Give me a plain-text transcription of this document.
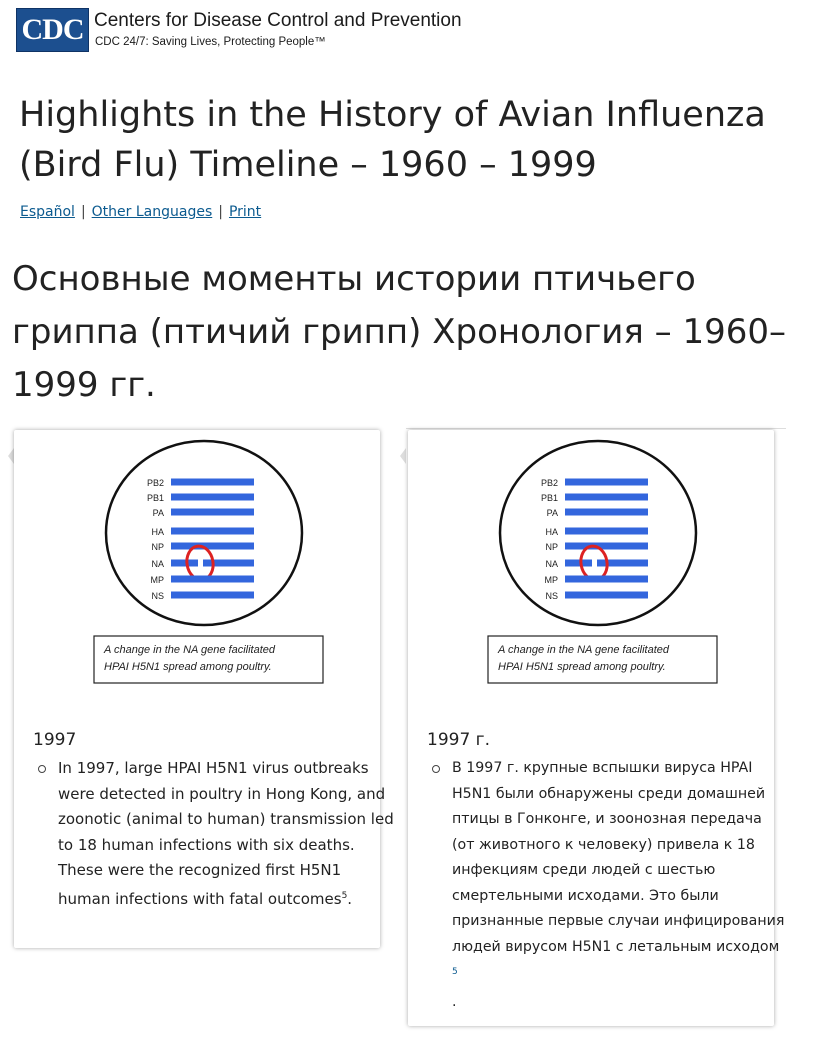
CDC Centers for Disease Control and Prevention
CDC 24/7: Saving Lives, Protecting People™
Highlights in the History of Avian Influenza (Bird Flu) Timeline – 1960 – 1999
Español | Other Languages | Print
Основные моменты истории птичьего гриппа (птичий грипп) Хронология – 1960–1999 гг.
PB2
PB1
PA
HA
NP
NA
MP
NS
A change in the NA gene facilitated
HPAI H5N1 spread among poultry.
1997
In 1997, large HPAI H5N1 virus outbreaks were detected in poultry in Hong Kong, and zoonotic (animal to human) transmission led to 18 human infections with six deaths. These were the recognized first H5N1 human infections with fatal outcomes$^5$.
PB2
PB1
PA
HA
NP
NA
MP
NS
A change in the NA gene facilitated
HPAI H5N1 spread among poultry.
1997 г.
В 1997 г. крупные вспышки вируса HPAI H5N1 были обнаружены среди домашней птицы в Гонконге, и зоонозная передача (от животного к человеку) привела к 18 инфекциям среди людей с шестью смертельными исходами. Это были признанные первые случаи инфицирования людей вирусом H5N1 с летальным исходом $^5$
.
